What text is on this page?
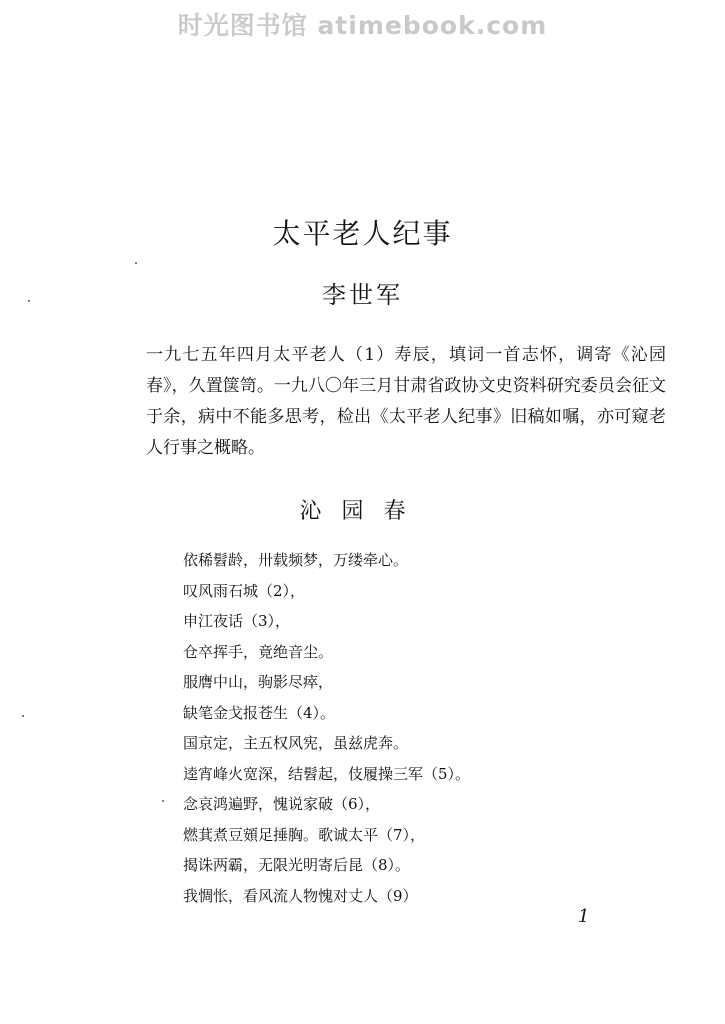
时光图书馆 atimebook.com
太平老人纪事
李世军
一九七五年四月太平老人（1）寿辰，填词一首志怀，调寄《沁园春》，久置箧笥。一九八〇年三月甘肃省政协文史资料研究委员会征文于余，病中不能多思考，检出《太平老人纪事》旧稿如嘱，亦可窥老人行事之概略。
沁园春
依稀髫龄，卅载频梦，万缕牵心。
叹风雨石城（2），
申江夜话（3），
仓卒挥手，竟绝音尘。
服膺中山，驹影尽瘁，
缺笔金戈报苍生（4）。
国京定，主五权风宪，虽兹虎奔。
逵宵峰火宽深，结髫起，伎履操三军（5）。
念哀鸿遍野，愧说家破（6），
燃萁煮豆頞足捶胸。歌诚太平（7），
揭诛两霸，无限光明寄后昆（8）。
我惆怅，看风流人物愧对丈人（9）
1
